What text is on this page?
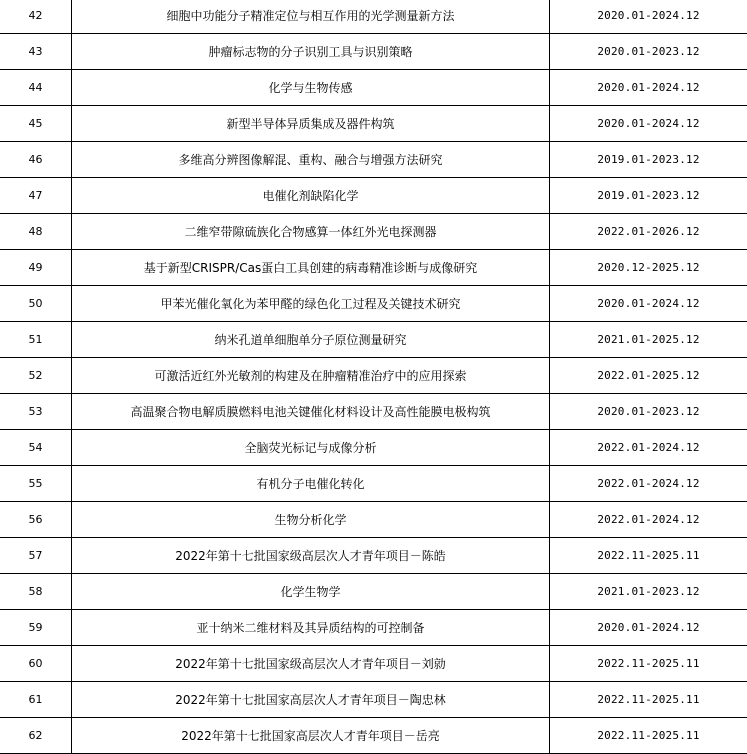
42	细胞中功能分子精准定位与相互作用的光学测量新方法	2020.01-2024.12
43	肿瘤标志物的分子识别工具与识别策略	2020.01-2023.12
44	化学与生物传感	2020.01-2024.12
45	新型半导体异质集成及器件构筑	2020.01-2024.12
46	多维高分辨图像解混、重构、融合与增强方法研究	2019.01-2023.12
47	电催化剂缺陷化学	2019.01-2023.12
48	二维窄带隙硫族化合物感算一体红外光电探测器	2022.01-2026.12
49	基于新型CRISPR/Cas蛋白工具创建的病毒精准诊断与成像研究	2020.12-2025.12
50	甲苯光催化氧化为苯甲醛的绿色化工过程及关键技术研究	2020.01-2024.12
51	纳米孔道单细胞单分子原位测量研究	2021.01-2025.12
52	可激活近红外光敏剂的构建及在肿瘤精准治疗中的应用探索	2022.01-2025.12
53	高温聚合物电解质膜燃料电池关键催化材料设计及高性能膜电极构筑	2020.01-2023.12
54	全脑荧光标记与成像分析	2022.01-2024.12
55	有机分子电催化转化	2022.01-2024.12
56	生物分析化学	2022.01-2024.12
57	2022年第十七批国家级高层次人才青年项目－陈皓	2022.11-2025.11
58	化学生物学	2021.01-2023.12
59	亚十纳米二维材料及其异质结构的可控制备	2020.01-2024.12
60	2022年第十七批国家级高层次人才青年项目－刘勍	2022.11-2025.11
61	2022年第十七批国家高层次人才青年项目－陶忠林	2022.11-2025.11
62	2022年第十七批国家高层次人才青年项目－岳亮	2022.11-2025.11
